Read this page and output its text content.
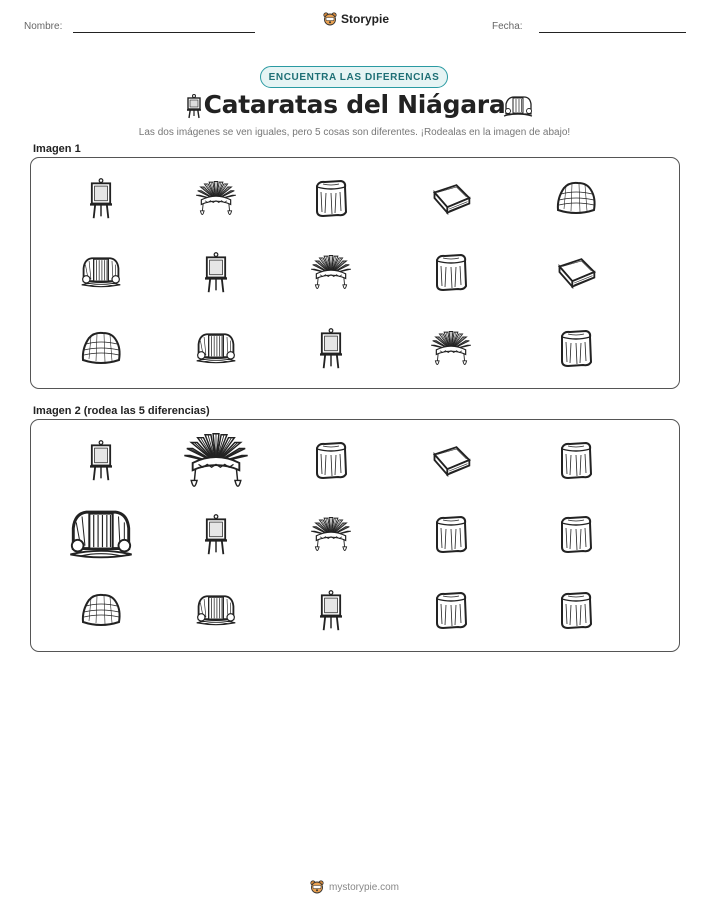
Nombre:
Storypie
Fecha:
ENCUENTRA LAS DIFERENCIAS
Cataratas del Niágara
Las dos imágenes se ven iguales, pero 5 cosas son diferentes. ¡Rodealas en la imagen de abajo!
Imagen 1
Imagen 2 (rodea las 5 diferencias)
mystorypie.com
